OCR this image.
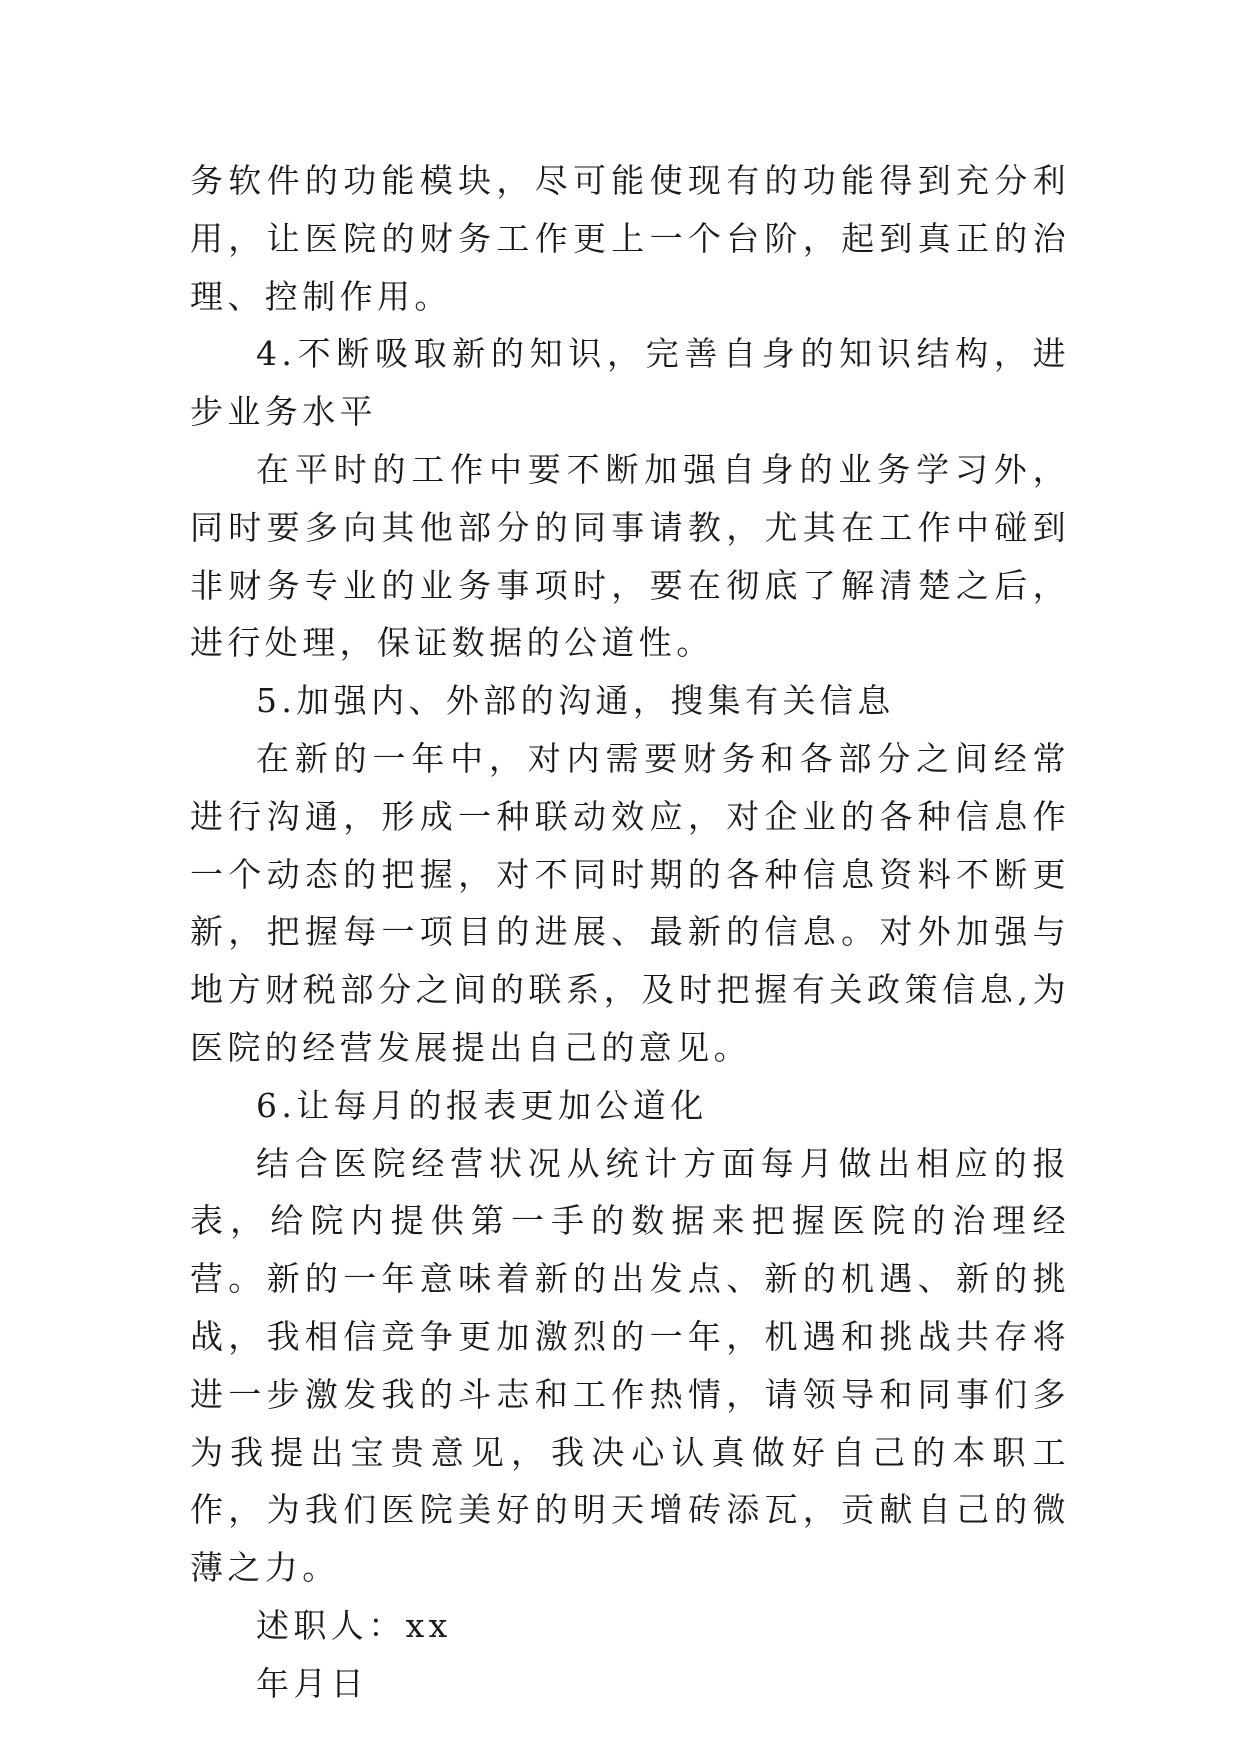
务软件的功能模块，尽可能使现有的功能得到充分利用，让医院的财务工作更上一个台阶，起到真正的治理、控制作用。

4.不断吸取新的知识，完善自身的知识结构，进步业务水平

在平时的工作中要不断加强自身的业务学习外，同时要多向其他部分的同事请教，尤其在工作中碰到非财务专业的业务事项时，要在彻底了解清楚之后，进行处理，保证数据的公道性。

5.加强内、外部的沟通，搜集有关信息

在新的一年中，对内需要财务和各部分之间经常进行沟通，形成一种联动效应，对企业的各种信息作一个动态的把握，对不同时期的各种信息资料不断更新，把握每一项目的进展、最新的信息。对外加强与地方财税部分之间的联系，及时把握有关政策信息,为医院的经营发展提出自己的意见。

6.让每月的报表更加公道化

结合医院经营状况从统计方面每月做出相应的报表，给院内提供第一手的数据来把握医院的治理经营。新的一年意味着新的出发点、新的机遇、新的挑战，我相信竞争更加激烈的一年，机遇和挑战共存将进一步激发我的斗志和工作热情，请领导和同事们多为我提出宝贵意见，我决心认真做好自己的本职工作，为我们医院美好的明天增砖添瓦，贡献自己的微薄之力。

述职人：xx

年月日
